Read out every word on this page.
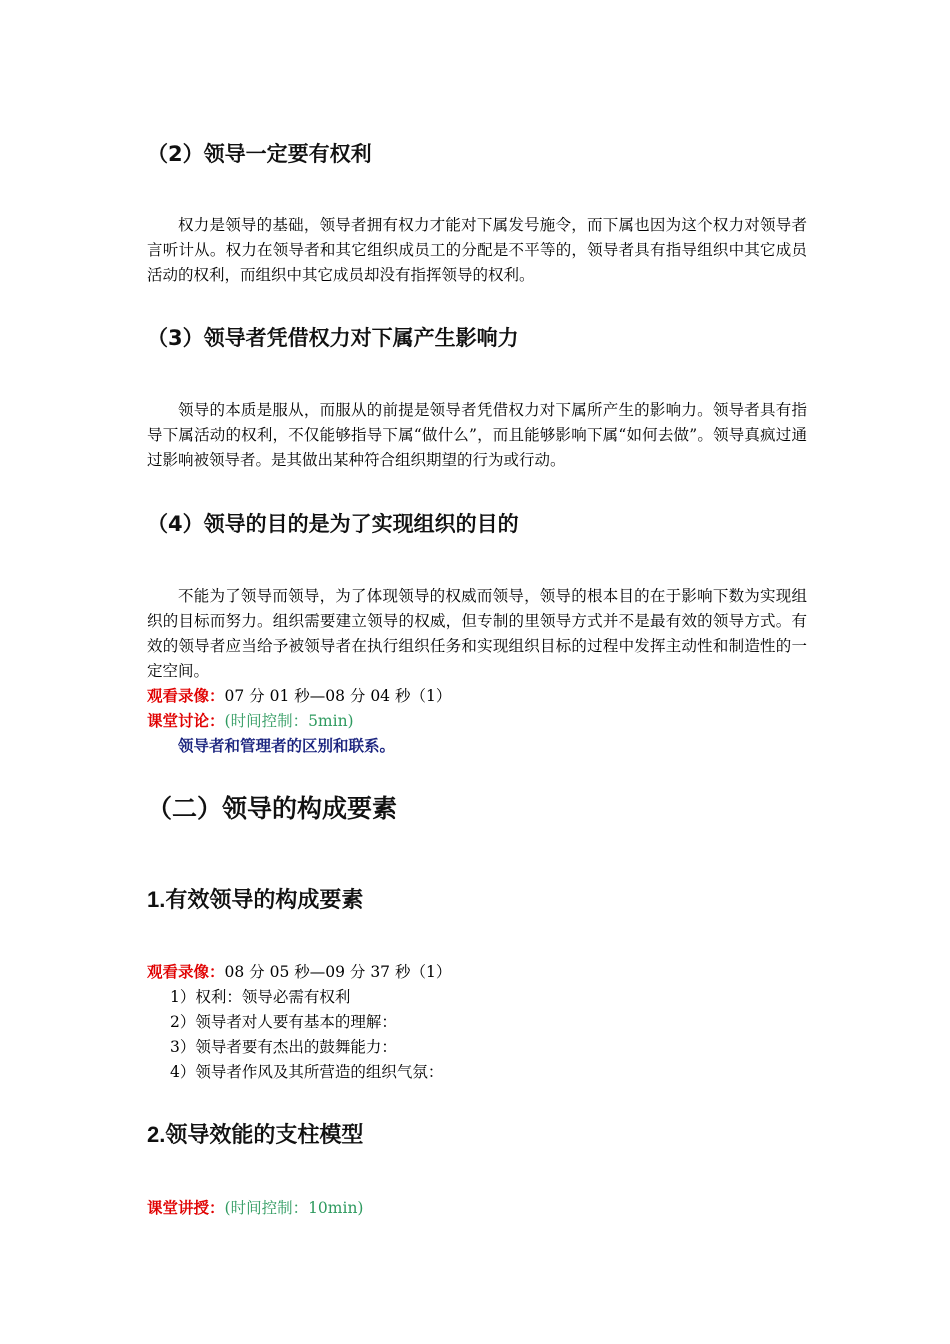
（2）领导一定要有权利
权力是领导的基础，领导者拥有权力才能对下属发号施令，而下属也因为这个权力对领导者言听计从。权力在领导者和其它组织成员工的分配是不平等的，领导者具有指导组织中其它成员活动的权利，而组织中其它成员却没有指挥领导的权利。
（3）领导者凭借权力对下属产生影响力
领导的本质是服从，而服从的前提是领导者凭借权力对下属所产生的影响力。领导者具有指导下属活动的权利，不仅能够指导下属“做什么”，而且能够影响下属“如何去做”。领导真疯过通过影响被领导者。是其做出某种符合组织期望的行为或行动。
（4）领导的目的是为了实现组织的目的
不能为了领导而领导，为了体现领导的权威而领导，领导的根本目的在于影响下数为实现组织的目标而努力。组织需要建立领导的权威，但专制的里领导方式并不是最有效的领导方式。有效的领导者应当给予被领导者在执行组织任务和实现组织目标的过程中发挥主动性和制造性的一定空间。
观看录像：07 分 01 秒—08 分 04 秒（1）
课堂讨论：(时间控制：5min)
领导者和管理者的区别和联系。
（二）领导的构成要素
1.有效领导的构成要素
观看录像：08 分 05 秒—09 分 37 秒（1）
1）权利：领导必需有权利
2）领导者对人要有基本的理解：
3）领导者要有杰出的鼓舞能力：
4）领导者作风及其所营造的组织气氛：
2.领导效能的支柱模型
课堂讲授：(时间控制：10min)
